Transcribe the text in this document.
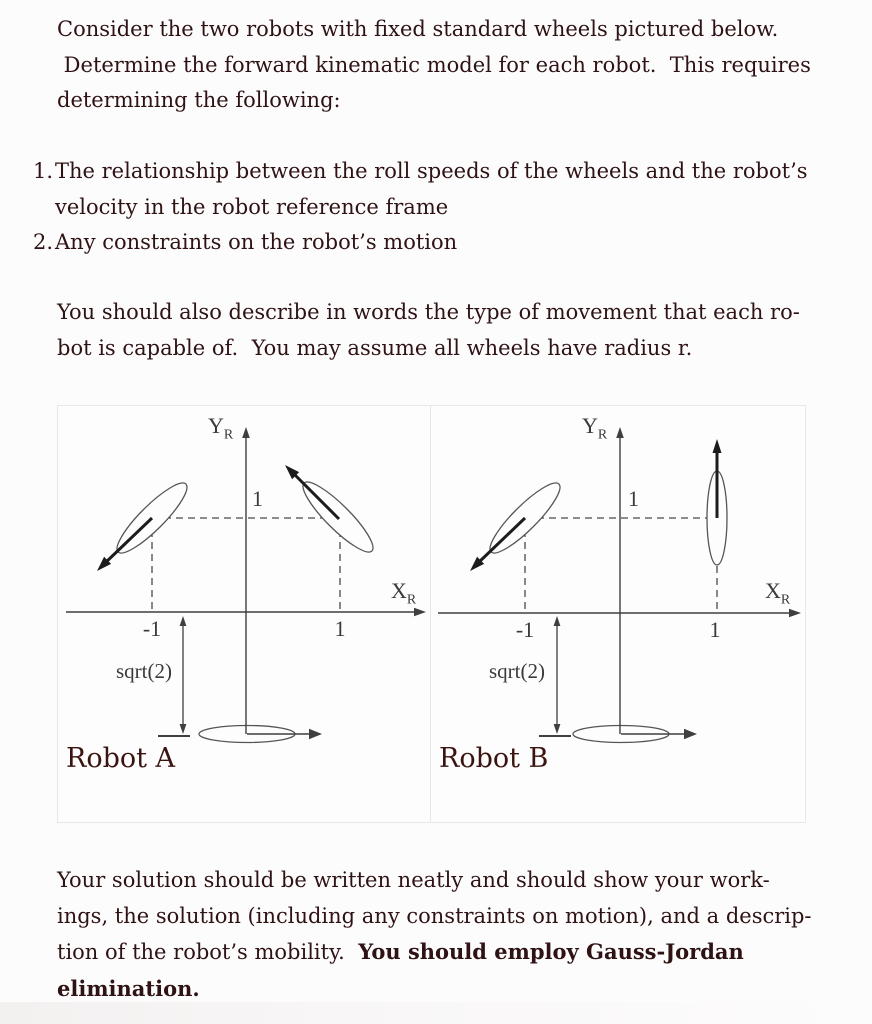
Consider the two robots with fixed standard wheels pictured below.
Determine the forward kinematic model for each robot.  This requires
determining the following:
1.The relationship between the roll speeds of the wheels and the robot’s
velocity in the robot reference frame
2.Any constraints on the robot’s motion
You should also describe in words the type of movement that each ro-
bot is capable of.  You may assume all wheels have radius r.
$Y_R$
$X_R$
1
-1	1
sqrt(2)
Robot A
$Y_R$
$X_R$
1
-1	1
sqrt(2)
Robot B
Your solution should be written neatly and should show your work-
ings, the solution (including any constraints on motion), and a descrip-
tion of the robot’s mobility.  You should employ Gauss-Jordan
elimination.
